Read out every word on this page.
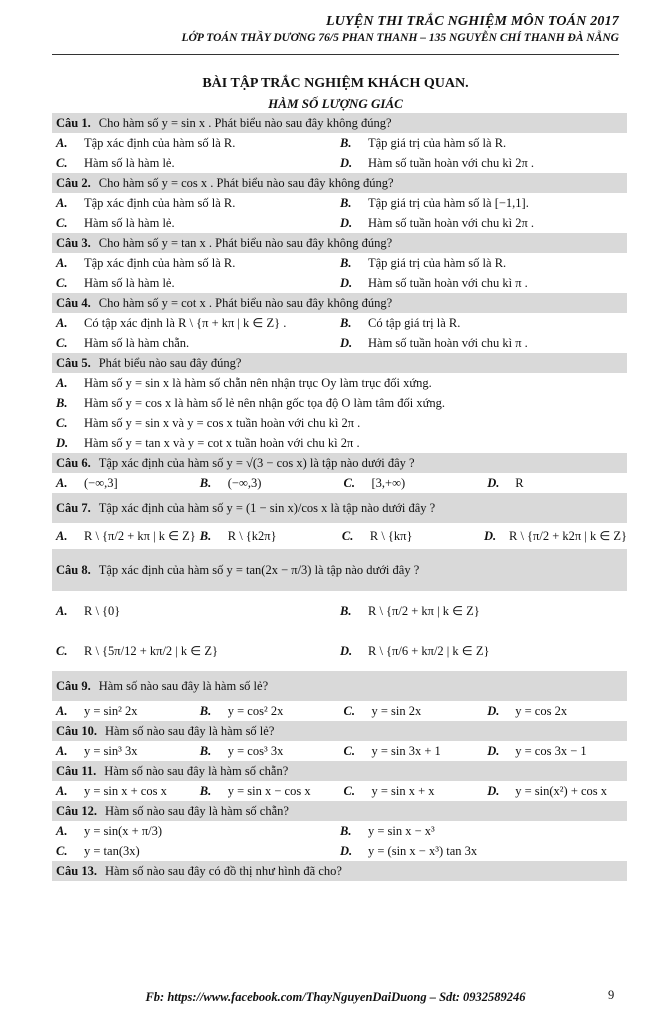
LUYỆN THI TRẮC NGHIỆM MÔN TOÁN 2017
LỚP TOÁN THẦY DƯƠNG 76/5 PHAN THANH – 135 NGUYỄN CHÍ THANH ĐÀ NẴNG
BÀI TẬP TRẮC NGHIỆM KHÁCH QUAN.
HÀM SỐ LƯỢNG GIÁC
Câu 1. Cho hàm số y = sin x . Phát biểu nào sau đây không đúng?
A.	Tập xác định của hàm số là R.	B.	Tập giá trị của hàm số là R.
C.	Hàm số là hàm lẻ.	D.	Hàm số tuần hoàn với chu kì 2π .
Câu 2. Cho hàm số y = cos x . Phát biểu nào sau đây không đúng?
A.	Tập xác định của hàm số là R.	B.	Tập giá trị của hàm số là [−1,1].
C.	Hàm số là hàm lẻ.	D.	Hàm số tuần hoàn với chu kì 2π .
Câu 3. Cho hàm số y = tan x . Phát biểu nào sau đây không đúng?
A.	Tập xác định của hàm số là R.	B.	Tập giá trị của hàm số là R.
C.	Hàm số là hàm lẻ.	D.	Hàm số tuần hoàn với chu kì π .
Câu 4. Cho hàm số y = cot x . Phát biểu nào sau đây không đúng?
A.	Có tập xác định là R \ {π + kπ | k ∈ Z} .	B.	Có tập giá trị là R.
C.	Hàm số là hàm chẵn.	D.	Hàm số tuần hoàn với chu kì π .
Câu 5. Phát biểu nào sau đây đúng?
A.	Hàm số y = sin x là hàm số chẵn nên nhận trục Oy làm trục đối xứng.
B.	Hàm số y = cos x là hàm số lẻ nên nhận gốc tọa độ O làm tâm đối xứng.
C.	Hàm số y = sin x và y = cos x tuần hoàn với chu kì 2π .
D.	Hàm số y = tan x và y = cot x tuần hoàn với chu kì 2π .
Câu 6. Tập xác định của hàm số y = √(3 − cos x) là tập nào dưới đây ?
A.	(−∞,3]	B.	(−∞,3)	C.	[3,+∞)	D.	R
Câu 7. Tập xác định của hàm số y = (1 − sin x)/cos x là tập nào dưới đây ?
A.	R \ {π/2 + kπ | k ∈ Z} B.	R \ {k2π}	C.	R \ {kπ}	D.	R \ {π/2 + k2π | k ∈ Z}
Câu 8. Tập xác định của hàm số y = tan(2x − π/3) là tập nào dưới đây ?
A.	R \ {0}	B.	R \ {π/2 + kπ | k ∈ Z}
C.	R \ {5π/12 + kπ/2 | k ∈ Z}	D.	R \ {π/6 + kπ/2 | k ∈ Z}
Câu 9. Hàm số nào sau đây là hàm số lẻ?
A.	y = sin² 2x	B.	y = cos² 2x	C.	y = sin 2x	D.	y = cos 2x
Câu 10. Hàm số nào sau đây là hàm số lẻ?
A.	y = sin³ 3x	B.	y = cos³ 3x	C.	y = sin 3x + 1	D.	y = cos 3x − 1
Câu 11. Hàm số nào sau đây là hàm số chẵn?
A.	y = sin x + cos x	B.	y = sin x − cos x	C.	y = sin x + x	D.	y = sin(x²) + cos x
Câu 12. Hàm số nào sau đây là hàm số chẵn?
A.	y = sin(x + π/3)	B.	y = sin x − x³
C.	y = tan(3x)	D.	y = (sin x − x³) tan 3x
Câu 13. Hàm số nào sau đây có đồ thị như hình đã cho?
Fb: https://www.facebook.com/ThayNguyenDaiDuong – Sdt: 0932589246	9
